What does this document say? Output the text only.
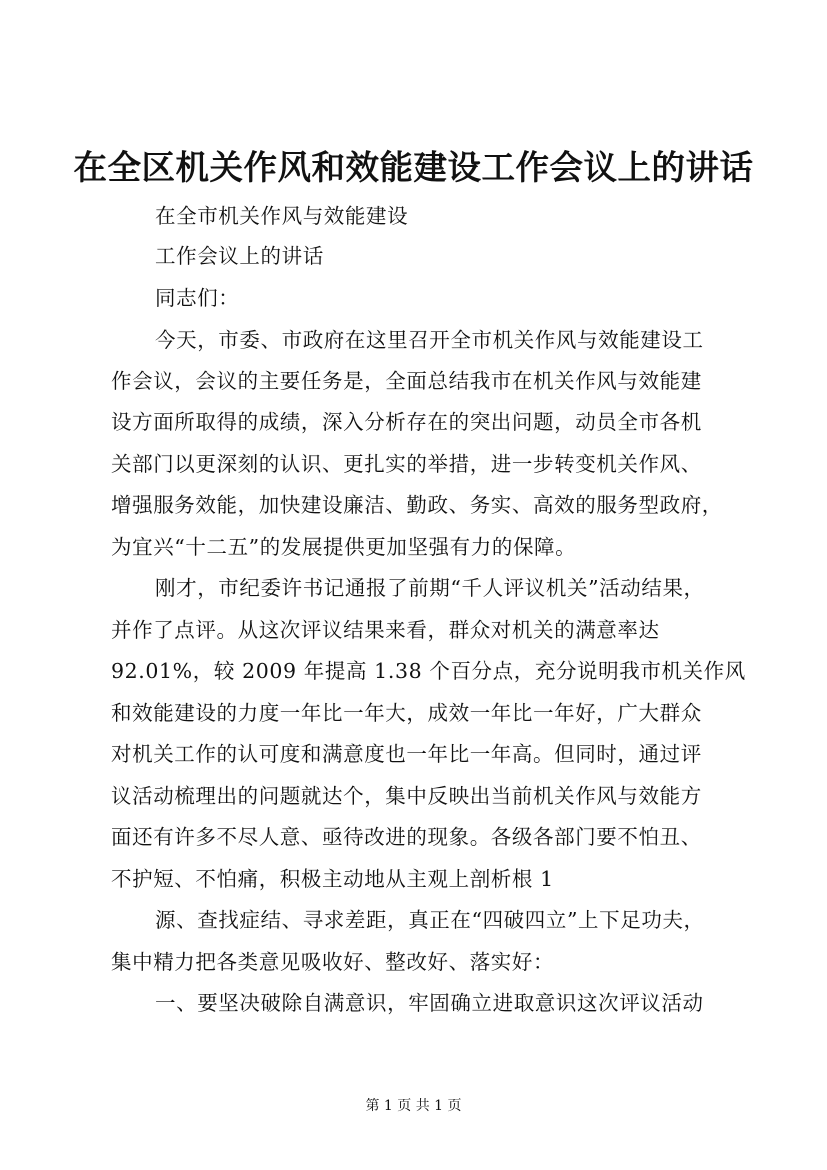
在全区机关作风和效能建设工作会议上的讲话
在全市机关作风与效能建设
工作会议上的讲话
同志们：
今天，市委、市政府在这里召开全市机关作风与效能建设工
作会议，会议的主要任务是，全面总结我市在机关作风与效能建
设方面所取得的成绩，深入分析存在的突出问题，动员全市各机
关部门以更深刻的认识、更扎实的举措，进一步转变机关作风、
增强服务效能，加快建设廉洁、勤政、务实、高效的服务型政府，
为宜兴“十二五”的发展提供更加坚强有力的保障。
刚才，市纪委许书记通报了前期“千人评议机关”活动结果，
并作了点评。从这次评议结果来看，群众对机关的满意率达
92.01%，较 2009 年提高 1.38 个百分点，充分说明我市机关作风
和效能建设的力度一年比一年大，成效一年比一年好，广大群众
对机关工作的认可度和满意度也一年比一年高。但同时，通过评
议活动梳理出的问题就达个，集中反映出当前机关作风与效能方
面还有许多不尽人意、亟待改进的现象。各级各部门要不怕丑、
不护短、不怕痛，积极主动地从主观上剖析根 1
源、查找症结、寻求差距，真正在“四破四立”上下足功夫，
集中精力把各类意见吸收好、整改好、落实好：
一、要坚决破除自满意识，牢固确立进取意识这次评议活动
第 1 页 共 1 页
